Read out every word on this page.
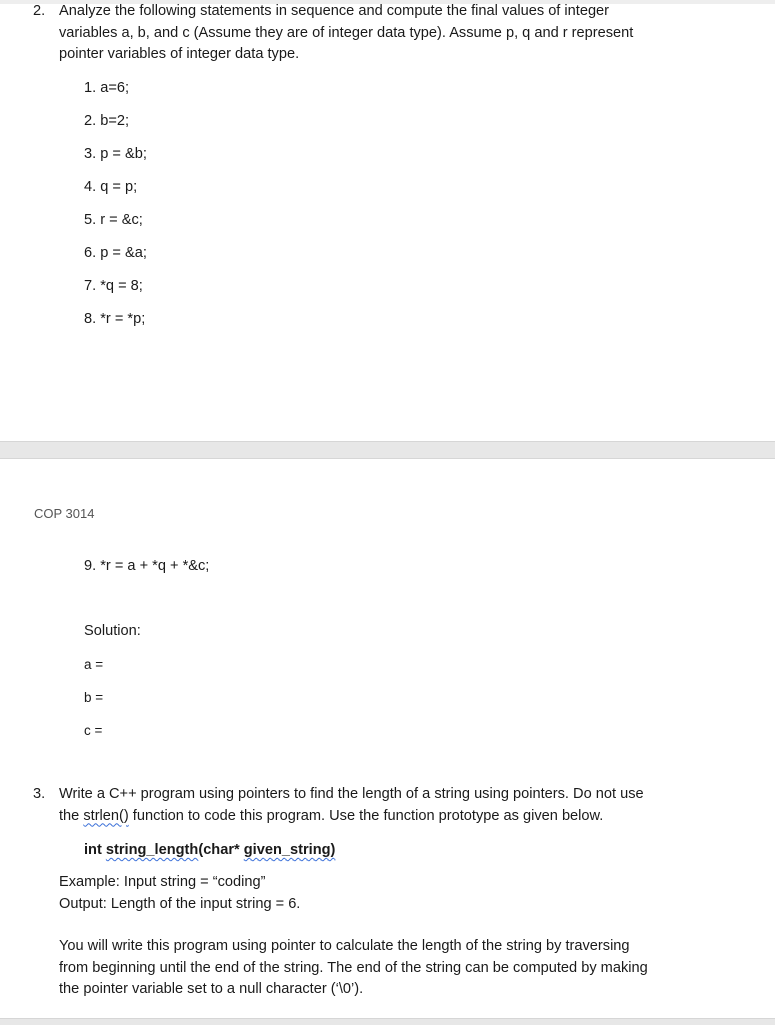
2. Analyze the following statements in sequence and compute the final values of integer
variables a, b, and c (Assume they are of integer data type). Assume p, q and r represent
pointer variables of integer data type.
1. a=6;
2. b=2;
3. p = &b;
4. q = p;
5. r = &c;
6. p = &a;
7. *q = 8;
8. *r = *p;
COP 3014
9. *r = a + *q + *&c;
Solution:
a =
b =
c =
3. Write a C++ program using pointers to find the length of a string using pointers. Do not use
the strlen() function to code this program. Use the function prototype as given below.
int string_length(char* given_string)
Example: Input string = “coding”
Output: Length of the input string = 6.
You will write this program using pointer to calculate the length of the string by traversing
from beginning until the end of the string. The end of the string can be computed by making
the pointer variable set to a null character (‘\0’).
